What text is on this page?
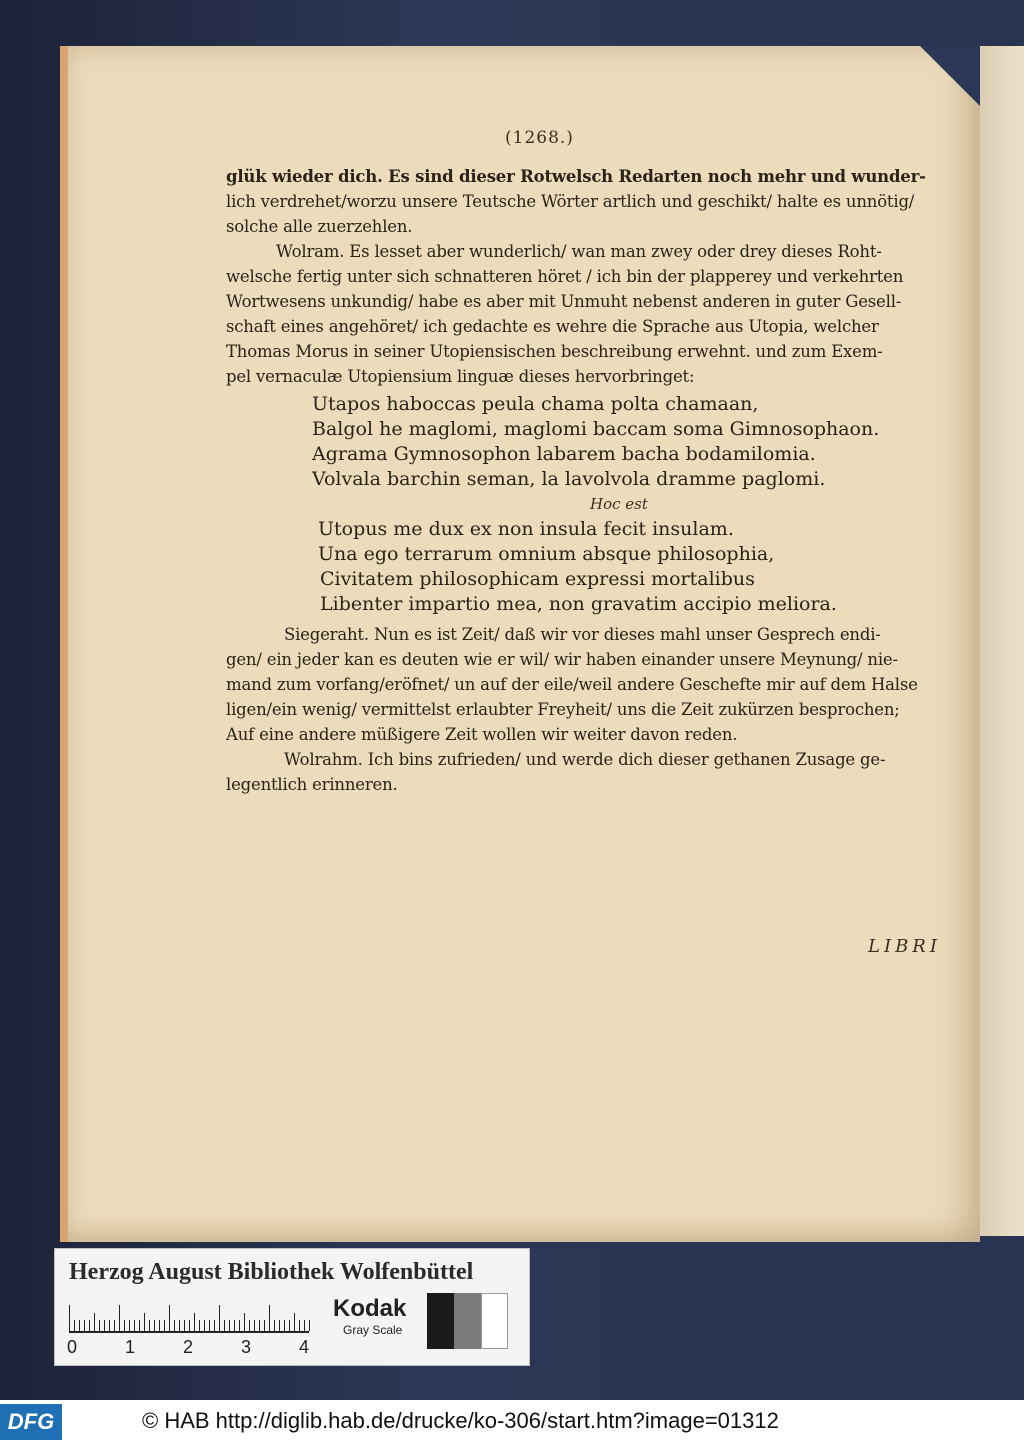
(1268.)
glük wieder dich. Es sind dieser Rotwelsch Redarten noch mehr und wunder-
lich verdrehet/worzu unsere Teutsche Wörter artlich und geschikt/ halte es unnötig/
solche alle zuerzehlen.
Wolram. Es lesset aber wunderlich/ wan man zwey oder drey dieses Roht-
welsche fertig unter sich schnatteren höret / ich bin der plapperey und verkehrten
Wortwesens unkundig/ habe es aber mit Unmuht nebenst anderen in guter Gesell-
schaft eines angehöret/ ich gedachte es wehre die Sprache aus Utopia, welcher
Thomas Morus in seiner Utopiensischen beschreibung erwehnt. und zum Exem-
pel vernaculæ Utopiensium linguæ dieses hervorbringet:
Utapos haboccas peula chama polta chamaan,
Balgol he maglomi, maglomi baccam soma Gimnosophaon.
Agrama Gymnosophon labarem bacha bodamilomia.
Volvala barchin seman, la lavolvola dramme paglomi.
Hoc est
Utopus me dux ex non insula fecit insulam.
Una ego terrarum omnium absque philosophia,
Civitatem philosophicam expressi mortalibus
Libenter impartio mea, non gravatim accipio meliora.
Siegeraht. Nun es ist Zeit/ daß wir vor dieses mahl unser Gesprech endi-
gen/ ein jeder kan es deuten wie er wil/ wir haben einander unsere Meynung/ nie-
mand zum vorfang/eröfnet/ un auf der eile/weil andere Geschefte mir auf dem Halse
ligen/ein wenig/ vermittelst erlaubter Freyheit/ uns die Zeit zukürzen besprochen;
Auf eine andere müßigere Zeit wollen wir weiter davon reden.
Wolrahm. Ich bins zufrieden/ und werde dich dieser gethanen Zusage ge-
legentlich erinneren.
LIBRI
Herzog August Bibliothek Wolfenbüttel
0	1	2	3	4
Kodak
Gray Scale
DFG	© HAB http://diglib.hab.de/drucke/ko-306/start.htm?image=01312
